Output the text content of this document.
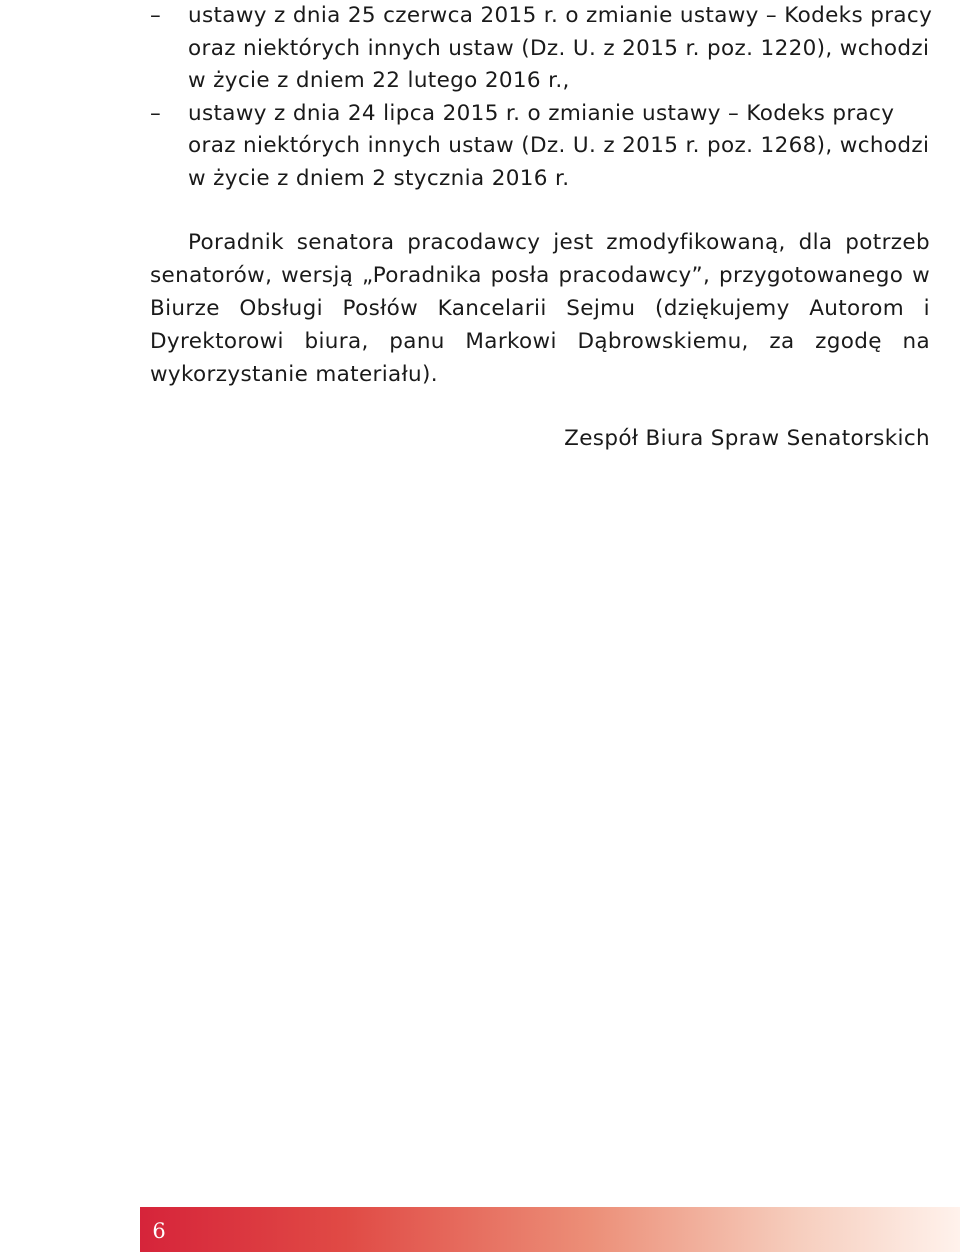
–	ustawy z dnia 25 czerwca 2015 r. o zmianie ustawy – Kodeks pracy oraz niektórych innych ustaw (Dz. U. z 2015 r. poz. 1220), wchodzi w życie z dniem 22 lutego 2016 r.,
–	ustawy z dnia 24 lipca 2015 r. o zmianie ustawy – Kodeks pracy oraz niektórych innych ustaw (Dz. U. z 2015 r. poz. 1268), wchodzi w życie z dniem 2 stycznia 2016 r.

Poradnik senatora pracodawcy jest zmodyfikowaną, dla potrzeb senatorów, wersją „Poradnika posła pracodawcy”, przygotowanego w Biurze Obsługi Posłów Kancelarii Sejmu (dziękujemy Autorom i Dyrektorowi biura, panu Markowi Dąbrowskiemu, za zgodę na wykorzystanie materiału).

Zespół Biura Spraw Senatorskich

6
